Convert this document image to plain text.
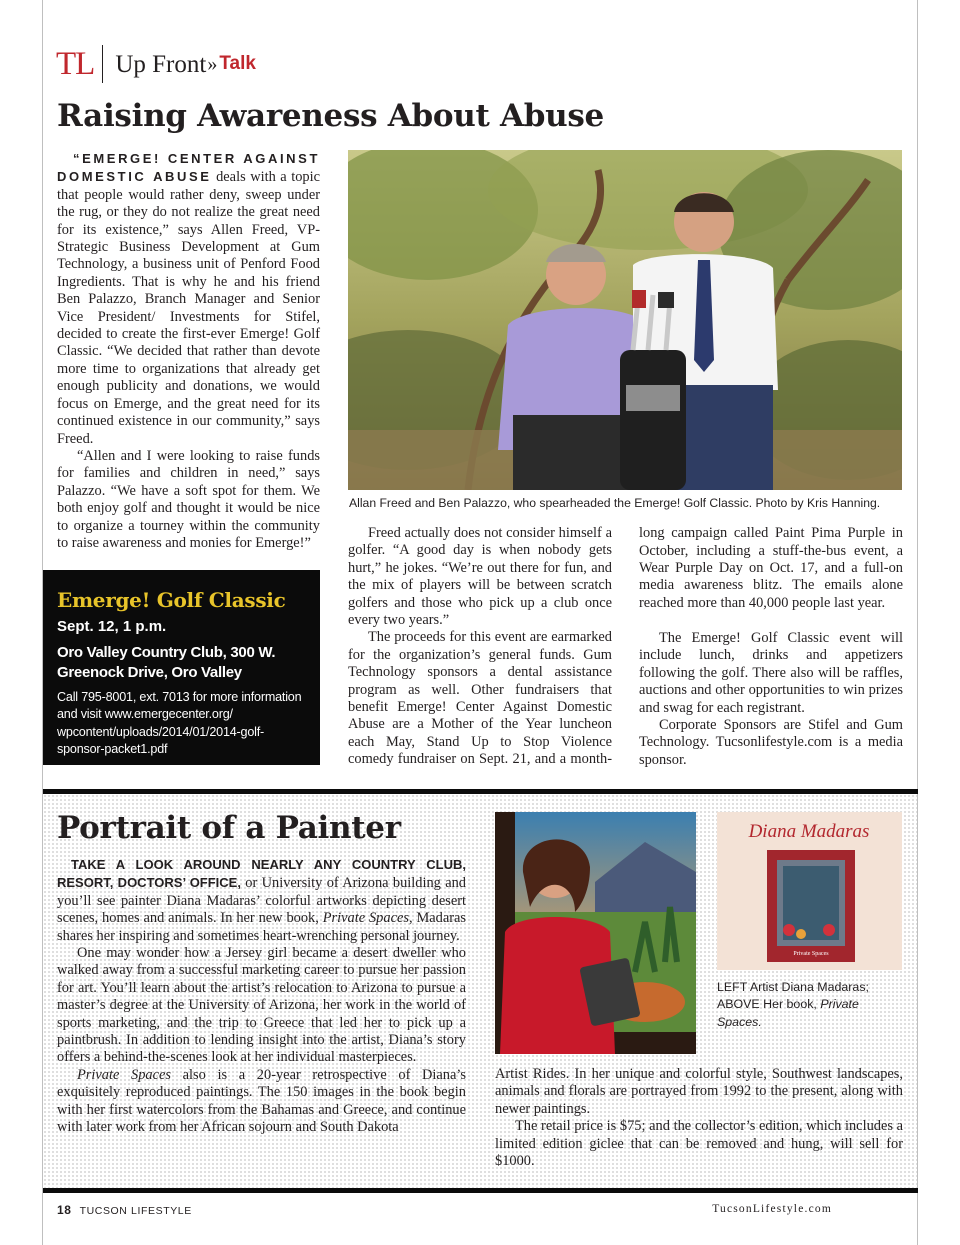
TL Up Front » Talk
Raising Awareness About Abuse

“EMERGE! CENTER AGAINST DOMESTIC ABUSE deals with a topic that people would rather deny, sweep under the rug, or they do not realize the great need for its existence,” says Allen Freed, VP-Strategic Business Development at Gum Technology, a business unit of Penford Food Ingredients. That is why he and his friend Ben Palazzo, Branch Manager and Senior Vice President/ Investments for Stifel, decided to create the first-ever Emerge! Golf Classic. “We decided that rather than devote more time to organizations that already get enough publicity and donations, we would focus on Emerge, and the great need for its continued existence in our community,” says Freed.

“Allen and I were looking to raise funds for families and children in need,” says Palazzo. “We have a soft spot for them. We both enjoy golf and thought it would be nice to organize a tourney within the community to raise awareness and monies for Emerge!”

Allan Freed and Ben Palazzo, who spearheaded the Emerge! Golf Classic. Photo by Kris Hanning.

Freed actually does not consider himself a golfer. “A good day is when nobody gets hurt,” he jokes. “We’re out there for fun, and the mix of players will be between scratch golfers and those who pick up a club once every two years.”

The proceeds for this event are earmarked for the organization’s general funds. Gum Technology sponsors a dental assistance program as well. Other fundraisers that benefit Emerge! Center Against Domestic Abuse are a Mother of the Year luncheon each May, Stand Up to Stop Violence comedy fundraiser on Sept. 21, and a month-

long campaign called Paint Pima Purple in October, including a stuff-the-bus event, a Wear Purple Day on Oct. 17, and a full-on media awareness blitz. The emails alone reached more than 40,000 people last year.

The Emerge! Golf Classic event will include lunch, drinks and appetizers following the golf. There also will be raffles, auctions and other opportunities to win prizes and swag for each registrant.

Corporate Sponsors are Stifel and Gum Technology. Tucsonlifestyle.com is a media sponsor.

Emerge! Golf Classic
Sept. 12, 1 p.m.
Oro Valley Country Club, 300 W. Greenock Drive, Oro Valley
Call 795-8001, ext. 7013 for more information and visit www.emergecenter.org/ wpcontent/uploads/2014/01/2014-golf-sponsor-packet1.pdf
Portrait of a Painter

TAKE A LOOK AROUND NEARLY ANY COUNTRY CLUB, RESORT, DOCTORS’ OFFICE, or University of Arizona building and you’ll see painter Diana Madaras’ colorful artworks depicting desert scenes, homes and animals. In her new book, Private Spaces, Madaras shares her inspiring and sometimes heart-wrenching personal journey.

One may wonder how a Jersey girl became a desert dweller who walked away from a successful marketing career to pursue her passion for art. You’ll learn about the artist’s relocation to Arizona to pursue a master’s degree at the University of Arizona, her work in the world of sports marketing, and the trip to Greece that led her to pick up a paintbrush. In addition to lending insight into the artist, Diana’s story offers a behind-the-scenes look at her individual masterpieces.

Private Spaces also is a 20-year retrospective of Diana’s exquisitely reproduced paintings. The 150 images in the book begin with her first watercolors from the Bahamas and Greece, and continue with later work from her African sojourn and South Dakota

Private Spaces
Diana Madaras
LEFT Artist Diana Madaras; ABOVE Her book, Private Spaces.

Artist Rides. In her unique and colorful style, Southwest landscapes, animals and florals are portrayed from 1992 to the present, along with newer paintings.

The retail price is $75; and the collector’s edition, which includes a limited edition giclee that can be removed and hung, will sell for $1000.

18 TUCSON LIFESTYLE	TucsonLifestyle.com
